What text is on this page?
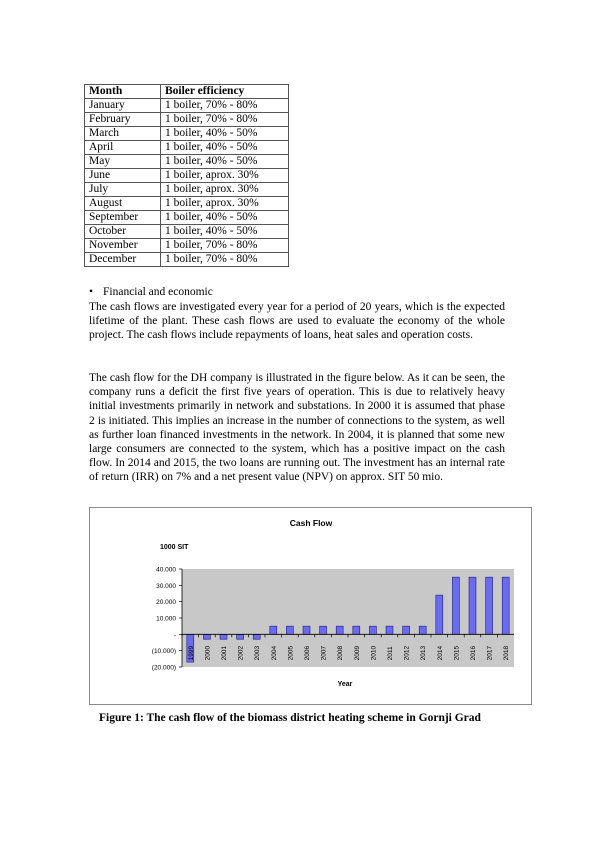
Month	Boiler efficiency
January	1 boiler, 70% - 80%
February	1 boiler, 70% - 80%
March	1 boiler, 40% - 50%
April	1 boiler, 40% - 50%
May	1 boiler, 40% - 50%
June	1 boiler, aprox. 30%
July	1 boiler, aprox. 30%
August	1 boiler, aprox. 30%
September	1 boiler, 40% - 50%
October	1 boiler, 40% - 50%
November	1 boiler, 70% - 80%
December	1 boiler, 70% - 80%
• Financial and economic

The cash flows are investigated every year for a period of 20 years, which is the expected lifetime of the plant. These cash flows are used to evaluate the economy of the whole project. The cash flows include repayments of loans, heat sales and operation costs.

The cash flow for the DH company is illustrated in the figure below. As it can be seen, the company runs a deficit the first five years of operation. This is due to relatively heavy initial investments primarily in network and substations. In 2000 it is assumed that phase 2 is initiated. This implies an increase in the number of connections to the system, as well as further loan financed investments in the network. In 2004, it is planned that some new large consumers are connected to the system, which has a positive impact on the cash flow. In 2014 and 2015, the two loans are running out. The investment has an internal rate of return (IRR) on 7% and a net present value (NPV) on approx. SIT 50 mio.

Cash Flow
1000 SIT
Year
40.000
30.000
20.000
10.000
-
(10.000)
(20.000)
1999 2000 2001 2002 2003 2004 2005 2006 2007 2008 2009 2010 2011 2012 2013 2014 2015 2016 2017 2018
Figure 1: The cash flow of the biomass district heating scheme in Gornji Grad
